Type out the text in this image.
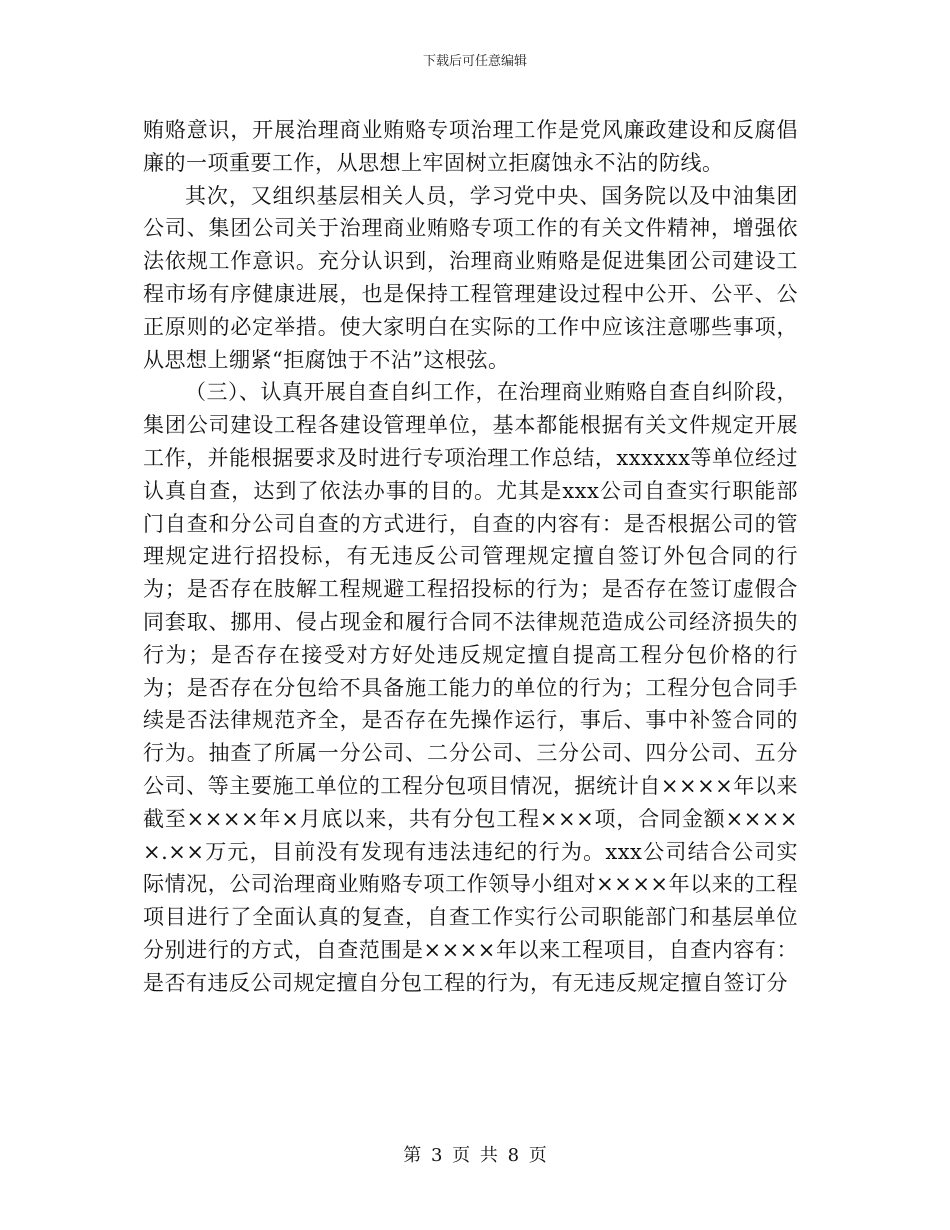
下载后可任意编辑

贿赂意识，开展治理商业贿赂专项治理工作是党风廉政建设和反腐倡廉的一项重要工作，从思想上牢固树立拒腐蚀永不沾的防线。

其次，又组织基层相关人员，学习党中央、国务院以及中油集团公司、集团公司关于治理商业贿赂专项工作的有关文件精神，增强依法依规工作意识。充分认识到，治理商业贿赂是促进集团公司建设工程市场有序健康进展，也是保持工程管理建设过程中公开、公平、公正原则的必定举措。使大家明白在实际的工作中应该注意哪些事项，从思想上绷紧“拒腐蚀于不沾”这根弦。

（三）、认真开展自查自纠工作，在治理商业贿赂自查自纠阶段，集团公司建设工程各建设管理单位，基本都能根据有关文件规定开展工作，并能根据要求及时进行专项治理工作总结，xxxxxx等单位经过认真自查，达到了依法办事的目的。尤其是xxx公司自查实行职能部门自查和分公司自查的方式进行，自查的内容有：是否根据公司的管理规定进行招投标，有无违反公司管理规定擅自签订外包合同的行为；是否存在肢解工程规避工程招投标的行为；是否存在签订虚假合同套取、挪用、侵占现金和履行合同不法律规范造成公司经济损失的行为；是否存在接受对方好处违反规定擅自提高工程分包价格的行为；是否存在分包给不具备施工能力的单位的行为；工程分包合同手续是否法律规范齐全，是否存在先操作运行，事后、事中补签合同的行为。抽查了所属一分公司、二分公司、三分公司、四分公司、五分公司、等主要施工单位的工程分包项目情况，据统计自××××年以来截至××××年×月底以来，共有分包工程×××项，合同金额×××××.××万元，目前没有发现有违法违纪的行为。xxx公司结合公司实际情况，公司治理商业贿赂专项工作领导小组对××××年以来的工程项目进行了全面认真的复查，自查工作实行公司职能部门和基层单位分别进行的方式，自查范围是××××年以来工程项目，自查内容有：是否有违反公司规定擅自分包工程的行为，有无违反规定擅自签订分

第 3 页 共 8 页
